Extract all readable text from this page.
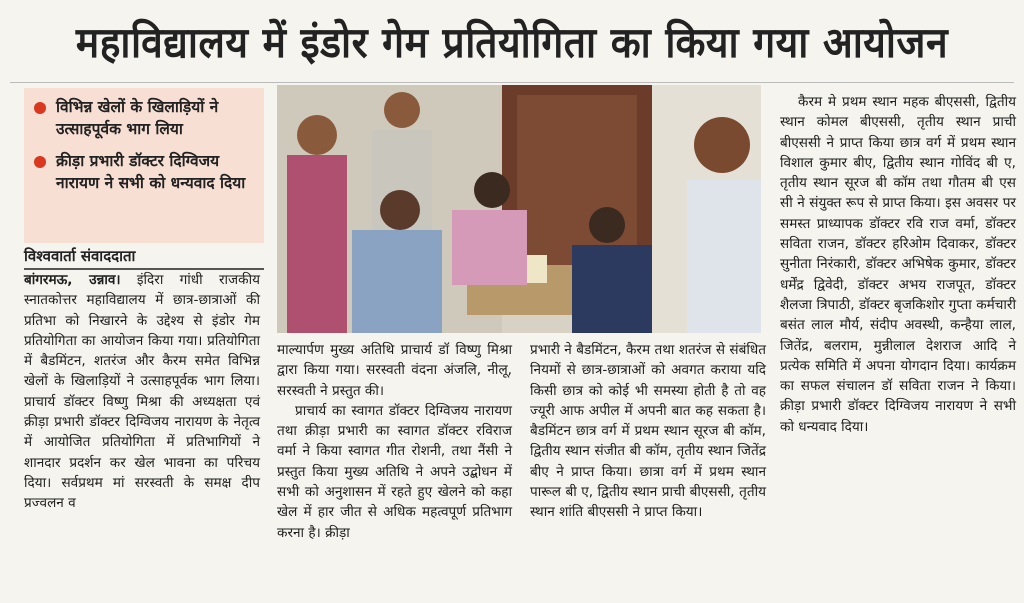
महाविद्यालय में इंडोर गेम प्रतियोगिता का किया गया आयोजन
विभिन्न खेलों के खिलाड़ियों ने उत्साहपूर्वक भाग लिया
क्रीड़ा प्रभारी डॉक्टर दिग्विजय नारायण ने सभी को धन्यवाद दिया
विश्ववार्ता संवाददाता
बांगरमऊ, उन्नाव। इंदिरा गांधी राजकीय स्नातकोत्तर महाविद्यालय में छात्र-छात्राओं की प्रतिभा को निखारने के उद्देश्य से इंडोर गेम प्रतियोगिता का आयोजन किया गया। प्रतियोगिता में बैडमिंटन, शतरंज और कैरम समेत विभिन्न खेलों के खिलाड़ियों ने उत्साहपूर्वक भाग लिया। प्राचार्य डॉक्टर विष्णु मिश्रा की अध्यक्षता एवं क्रीड़ा प्रभारी डॉक्टर दिग्विजय नारायण के नेतृत्व में आयोजित प्रतियोगिता में प्रतिभागियों ने शानदार प्रदर्शन कर खेल भावना का परिचय दिया। सर्वप्रथम मां सरस्वती के समक्ष दीप प्रज्वलन व
माल्यार्पण मुख्य अतिथि प्राचार्य डॉ विष्णु मिश्रा द्वारा किया गया। सरस्वती वंदना अंजलि, नीलू, सरस्वती ने प्रस्तुत की।
प्राचार्य का स्वागत डॉक्टर दिग्विजय नारायण तथा क्रीड़ा प्रभारी का स्वागत डॉक्टर रविराज वर्मा ने किया स्वागत गीत रोशनी, तथा नैंसी ने प्रस्तुत किया मुख्य अतिथि ने अपने उद्बोधन में सभी को अनुशासन में रहते हुए खेलने को कहा खेल में हार जीत से अधिक महत्वपूर्ण प्रतिभाग करना है। क्रीड़ा
प्रभारी ने बैडमिंटन, कैरम तथा शतरंज से संबंधित नियमों से छात्र-छात्राओं को अवगत कराया यदि किसी छात्र को कोई भी समस्या होती है तो वह ज्यूरी आफ अपील में अपनी बात कह सकता है। बैडमिंटन छात्र वर्ग में प्रथम स्थान सूरज बी कॉम, द्वितीय स्थान संजीत बी कॉम, तृतीय स्थान जितेंद्र बीए ने प्राप्त किया। छात्रा वर्ग में प्रथम स्थान पारूल बी ए, द्वितीय स्थान प्राची बीएससी, तृतीय स्थान शांति बीएससी ने प्राप्त किया।
कैरम मे प्रथम स्थान महक बीएससी, द्वितीय स्थान कोमल बीएससी, तृतीय स्थान प्राची बीएससी ने प्राप्त किया छात्र वर्ग में प्रथम स्थान विशाल कुमार बीए, द्वितीय स्थान गोविंद बी ए, तृतीय स्थान सूरज बी कॉम तथा गौतम बी एस सी ने संयुक्त रूप से प्राप्त किया। इस अवसर पर समस्त प्राध्यापक डॉक्टर रवि राज वर्मा, डॉक्टर सविता राजन, डॉक्टर हरिओम दिवाकर, डॉक्टर सुनीता निरंकारी, डॉक्टर अभिषेक कुमार, डॉक्टर धर्मेंद्र द्विवेदी, डॉक्टर अभय राजपूत, डॉक्टर शैलजा त्रिपाठी, डॉक्टर बृजकिशोर गुप्ता कर्मचारी बसंत लाल मौर्य, संदीप अवस्थी, कन्हैया लाल, जितेंद्र, बलराम, मुन्नीलाल देशराज आदि ने प्रत्येक समिति में अपना योगदान दिया। कार्यक्रम का सफल संचालन डॉ सविता राजन ने किया। क्रीड़ा प्रभारी डॉक्टर दिग्विजय नारायण ने सभी को धन्यवाद दिया।
